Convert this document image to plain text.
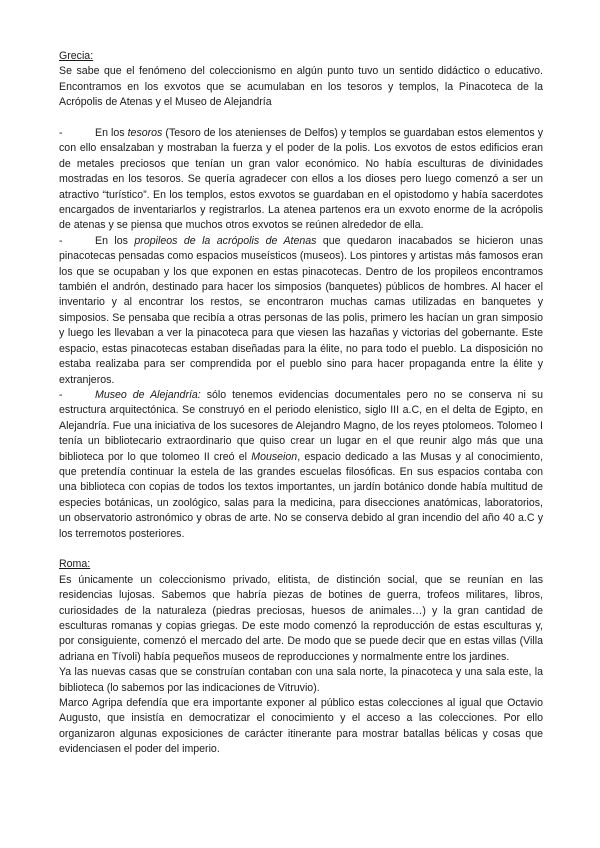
Grecia:

Se sabe que el fenómeno del coleccionismo en algún punto tuvo un sentido didáctico o educativo. Encontramos en los exvotos que se acumulaban en los tesoros y templos, la Pinacoteca de la Acrópolis de Atenas y el Museo de Alejandría

-	En los tesoros (Tesoro de los atenienses de Delfos) y templos se guardaban estos elementos y con ello ensalzaban y mostraban la fuerza y el poder de la polis. Los exvotos de estos edificios eran de metales preciosos que tenían un gran valor económico. No había esculturas de divinidades mostradas en los tesoros. Se quería agradecer con ellos a los dioses pero luego comenzó a ser un atractivo “turístico”. En los templos, estos exvotos se guardaban en el opistodomo y había sacerdotes encargados de inventariarlos y registrarlos. La atenea partenos era un exvoto enorme de la acrópolis de atenas y se piensa que muchos otros exvotos se reúnen alrededor de ella.

-	En los propileos de la acrópolis de Atenas que quedaron inacabados se hicieron unas pinacotecas pensadas como espacios museísticos (museos). Los pintores y artistas más famosos eran los que se ocupaban y los que exponen en estas pinacotecas. Dentro de los propileos encontramos también el andrón, destinado para hacer los simposios (banquetes) públicos de hombres. Al hacer el inventario y al encontrar los restos, se encontraron muchas camas utilizadas en banquetes y simposios. Se pensaba que recibía a otras personas de las polis, primero les hacían un gran simposio y luego les llevaban a ver la pinacoteca para que viesen las hazañas y victorias del gobernante. Este espacio, estas pinacotecas estaban diseñadas para la élite, no para todo el pueblo. La disposición no estaba realizaba para ser comprendida por el pueblo sino para hacer propaganda entre la élite y extranjeros.

-	Museo de Alejandría: sólo tenemos evidencias documentales pero no se conserva ni su estructura arquitectónica. Se construyó en el periodo elenistico, siglo III a.C, en el delta de Egipto, en Alejandría. Fue una iniciativa de los sucesores de Alejandro Magno, de los reyes ptolomeos. Tolomeo I tenía un bibliotecario extraordinario que quiso crear un lugar en el que reunir algo más que una biblioteca por lo que tolomeo II creó el Mouseion, espacio dedicado a las Musas y al conocimiento, que pretendía continuar la estela de las grandes escuelas filosóficas. En sus espacios contaba con una biblioteca con copias de todos los textos importantes, un jardín botánico donde había multitud de especies botánicas, un zoológico, salas para la medicina, para disecciones anatómicas, laboratorios, un observatorio astronómico y obras de arte. No se conserva debido al gran incendio del año 40 a.C y los terremotos posteriores.

Roma:

Es únicamente un coleccionismo privado, elitista, de distinción social, que se reunían en las residencias lujosas. Sabemos que habría piezas de botines de guerra, trofeos militares, libros, curiosidades de la naturaleza (piedras preciosas, huesos de animales…) y la gran cantidad de esculturas romanas y copias griegas. De este modo comenzó la reproducción de estas esculturas y, por consiguiente, comenzó el mercado del arte. De modo que se puede decir que en estas villas (Villa adriana en Tívoli) había pequeños museos de reproducciones y normalmente entre los jardines.

Ya las nuevas casas que se construían contaban con una sala norte, la pinacoteca y una sala este, la biblioteca (lo sabemos por las indicaciones de Vitruvio).

Marco Agripa defendía que era importante exponer al público estas colecciones al igual que Octavio Augusto, que insistía en democratizar el conocimiento y el acceso a las colecciones. Por ello organizaron algunas exposiciones de carácter itinerante para mostrar batallas bélicas y cosas que evidenciasen el poder del imperio.
